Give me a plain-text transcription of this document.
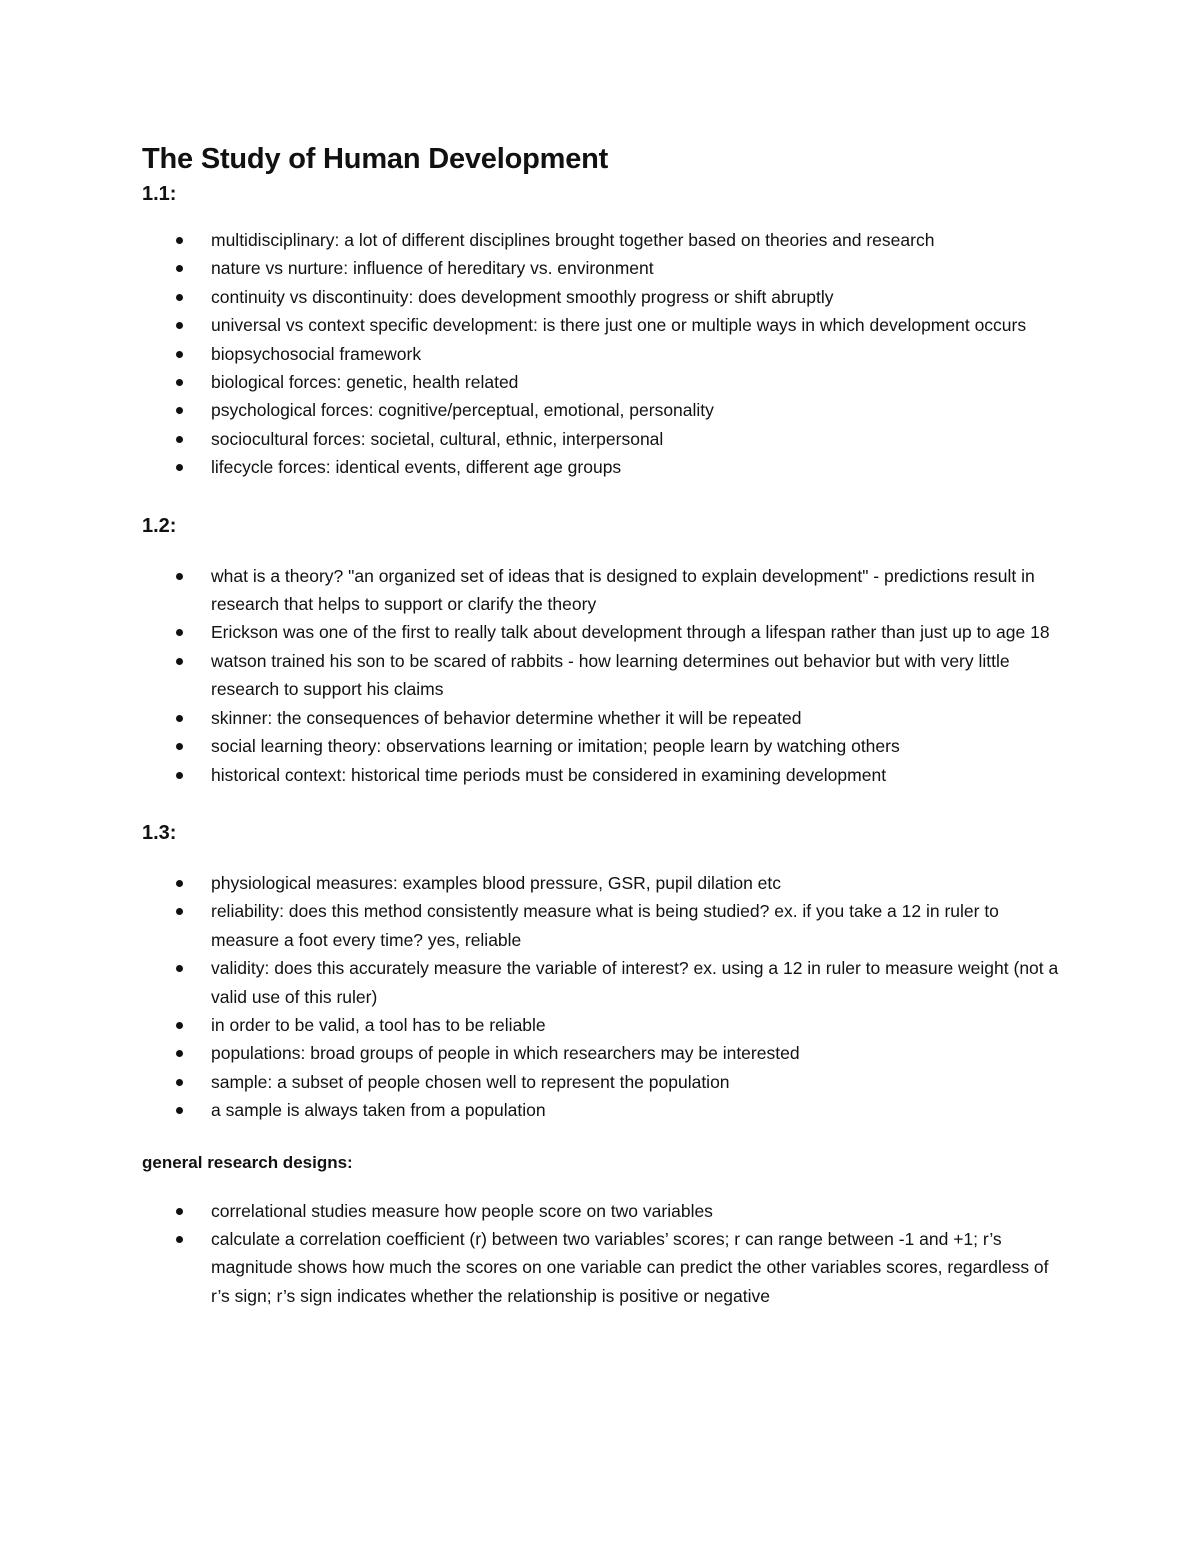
The Study of Human Development
1.1:
multidisciplinary: a lot of different disciplines brought together based on theories and research
nature vs nurture: influence of hereditary vs. environment
continuity vs discontinuity: does development smoothly progress or shift abruptly
universal vs context specific development: is there just one or multiple ways in which development occurs
biopsychosocial framework
biological forces: genetic, health related
psychological forces: cognitive/perceptual, emotional, personality
sociocultural forces: societal, cultural, ethnic, interpersonal
lifecycle forces: identical events, different age groups
1.2:
what is a theory? "an organized set of ideas that is designed to explain development" - predictions result in research that helps to support or clarify the theory
Erickson was one of the first to really talk about development through a lifespan rather than just up to age 18
watson trained his son to be scared of rabbits - how learning determines out behavior but with very little research to support his claims
skinner: the consequences of behavior determine whether it will be repeated
social learning theory: observations learning or imitation; people learn by watching others
historical context: historical time periods must be considered in examining development
1.3:
physiological measures: examples blood pressure, GSR, pupil dilation etc
reliability: does this method consistently measure what is being studied? ex. if you take a 12 in ruler to measure a foot every time? yes, reliable
validity: does this accurately measure the variable of interest? ex. using a 12 in ruler to measure weight (not a valid use of this ruler)
in order to be valid, a tool has to be reliable
populations: broad groups of people in which researchers may be interested
sample: a subset of people chosen well to represent the population
a sample is always taken from a population
general research designs:
correlational studies measure how people score on two variables
calculate a correlation coefficient (r) between two variables’ scores; r can range between -1 and +1; r’s magnitude shows how much the scores on one variable can predict the other variables scores, regardless of r’s sign; r’s sign indicates whether the relationship is positive or negative
